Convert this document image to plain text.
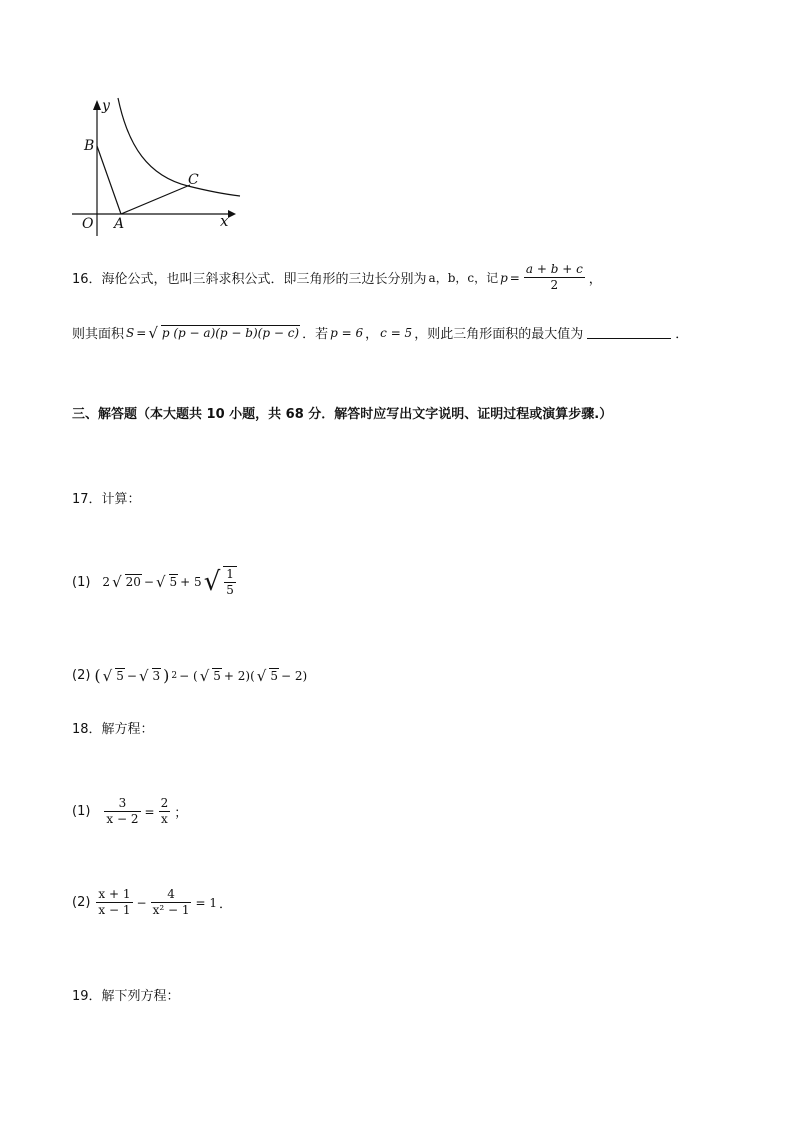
y
B
C
O A	x
16．海伦公式，也叫三斜求积公式．即三角形的三边长分别为 a，b，c，记 $p = \frac{a + b + c}{2}$ ，
则其面积 S = √ p (p − a)(p − b)(p − c) ．若 p = 6 ， c = 5 ，则此三角形面积的最大值为	．
三、解答题（本大题共 10 小题，共 68 分．解答时应写出文字说明、证明过程或演算步骤.）
17．计算：
(1) 2 √ 20 − √ 5 + 5 √ $\frac{1}{5}$
(2) ( √ 5 − √ 3 ) 2 − ( √ 5 + 2)( √ 5 − 2)
18．解方程：
$(1) \frac{3}{x - 2} = \frac{2}{x}$ ；
$(2) \frac{x + 1}{x - 1} - \frac{4}{\text{x² − 1}} = 1$ ．
19．解下列方程：
